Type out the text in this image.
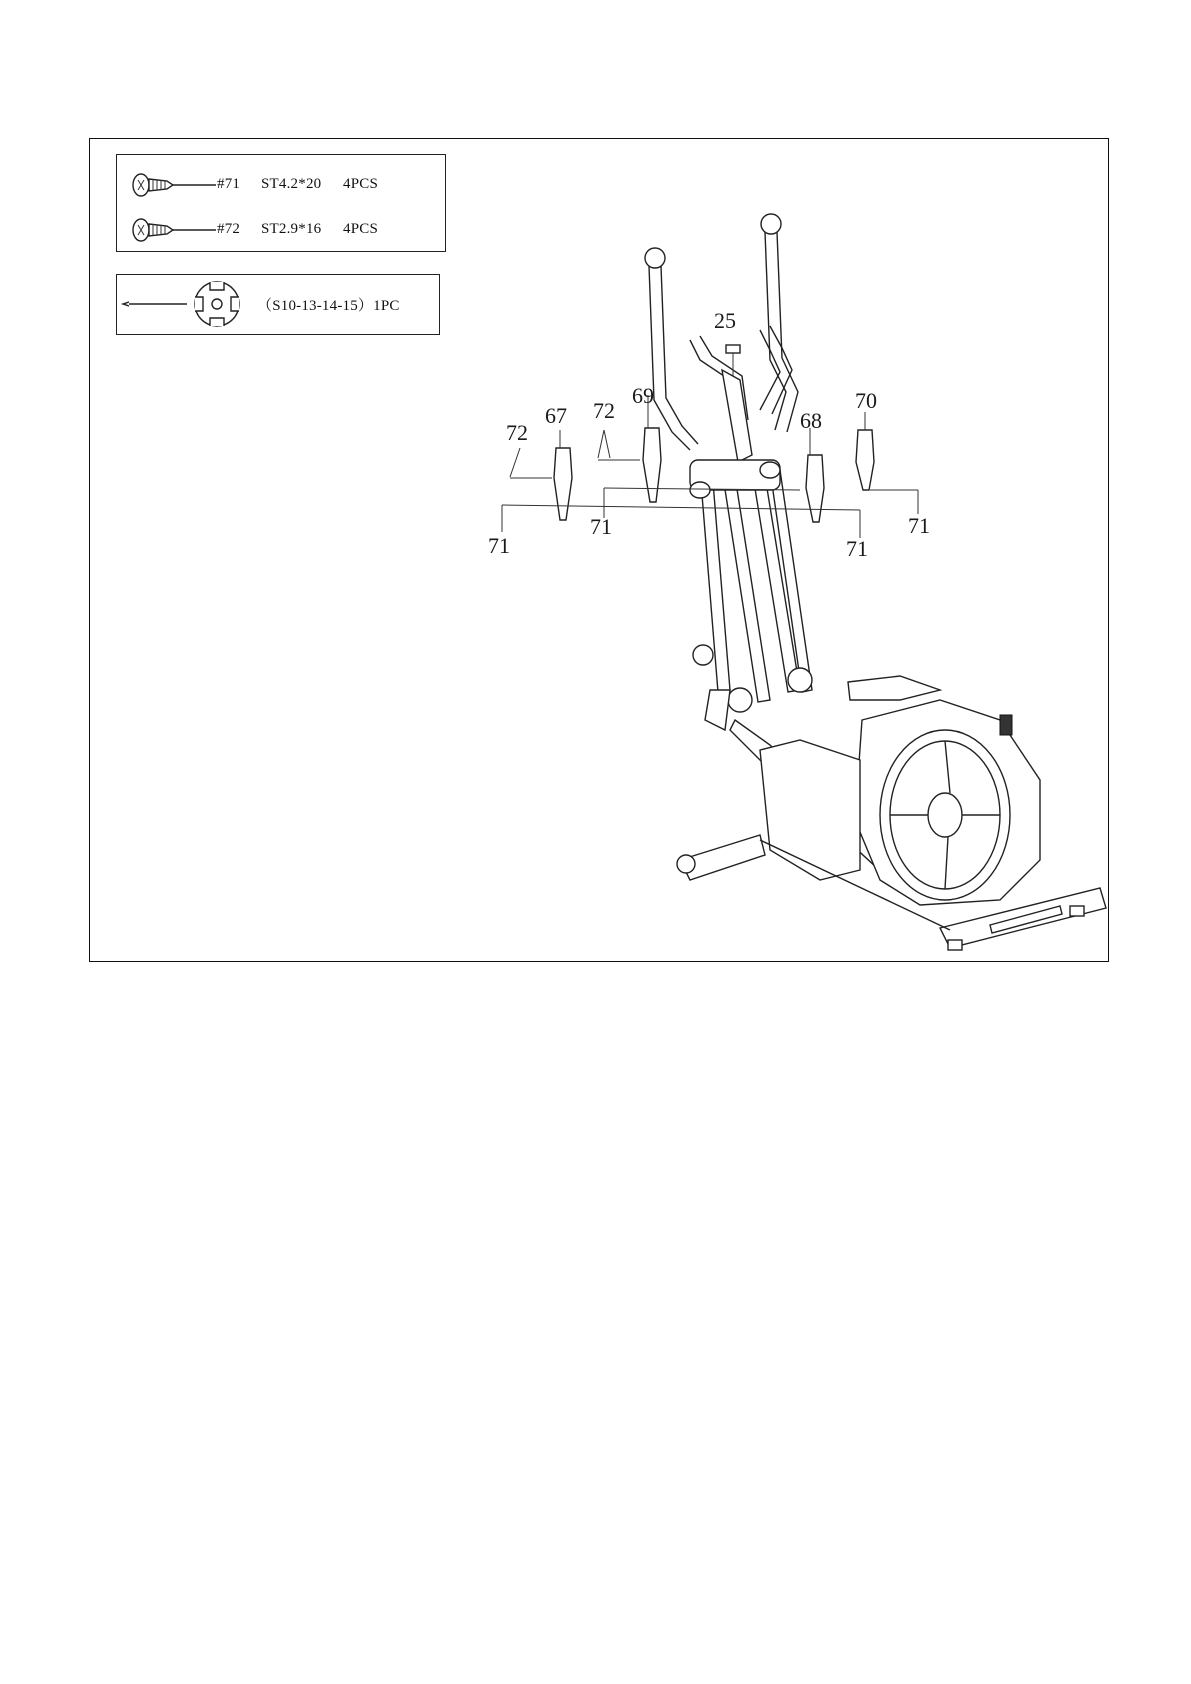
#71 ST4.2*20 4PCS
#72 ST2.9*16 4PCS
（S10-13-14-15）1PC
25
67
69
68
70
72
72
71
71
71
71
